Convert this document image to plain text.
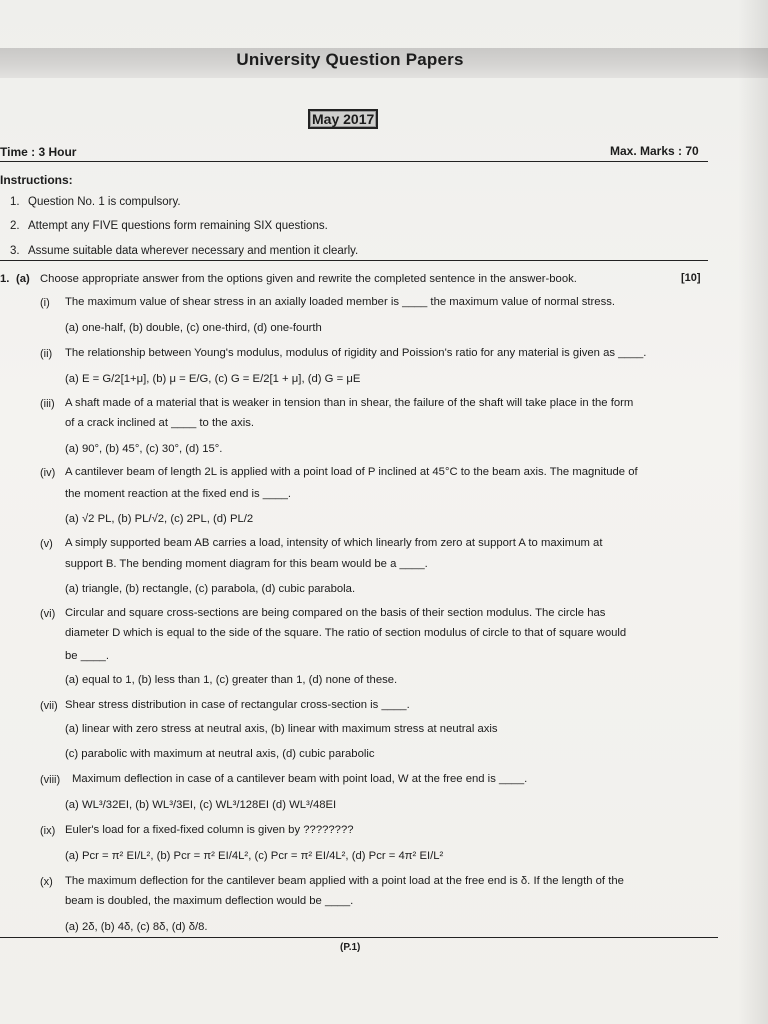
University Question Papers
May 2017
Time : 3 Hour	Max. Marks : 70
Instructions:
1. Question No. 1 is compulsory.
2. Attempt any FIVE questions form remaining SIX questions.
3. Assume suitable data wherever necessary and mention it clearly.
1. (a) Choose appropriate answer from the options given and rewrite the completed sentence in the answer-book.	[10]
(i) The maximum value of shear stress in an axially loaded member is ____ the maximum value of normal stress.
(a) one-half, (b) double, (c) one-third, (d) one-fourth
(ii) The relationship between Young's modulus, modulus of rigidity and Poission's ratio for any material is given as ____.
(a) E = G/2[1+μ], (b) μ = E/G, (c) G = E/2[1 + μ], (d) G = μE
(iii) A shaft made of a material that is weaker in tension than in shear, the failure of the shaft will take place in the form
of a crack inclined at ____ to the axis.
(a) 90°, (b) 45°, (c) 30°, (d) 15°.
(iv) A cantilever beam of length 2L is applied with a point load of P inclined at 45°C to the beam axis. The magnitude of
the moment reaction at the fixed end is ____.
(a) √2 PL, (b) PL/√2, (c) 2PL, (d) PL/2
(v) A simply supported beam AB carries a load, intensity of which linearly from zero at support A to maximum at
support B. The bending moment diagram for this beam would be a ____.
(a) triangle, (b) rectangle, (c) parabola, (d) cubic parabola.
(vi) Circular and square cross-sections are being compared on the basis of their section modulus. The circle has
diameter D which is equal to the side of the square. The ratio of section modulus of circle to that of square would
be ____.
(a) equal to 1, (b) less than 1, (c) greater than 1, (d) none of these.
(vii) Shear stress distribution in case of rectangular cross-section is ____.
(a) linear with zero stress at neutral axis, (b) linear with maximum stress at neutral axis
(c) parabolic with maximum at neutral axis, (d) cubic parabolic
(viii) Maximum deflection in case of a cantilever beam with point load, W at the free end is ____.
(a) WL³/32EI, (b) WL³/3EI, (c) WL³/128EI (d) WL³/48EI
(ix) Euler's load for a fixed-fixed column is given by ????????
(a) Pcr = π² EI/L², (b) Pcr = π² EI/4L², (c) Pcr = π² EI/4L², (d) Pcr = 4π² EI/L²
(x) The maximum deflection for the cantilever beam applied with a point load at the free end is δ. If the length of the
beam is doubled, the maximum deflection would be ____.
(a) 2δ, (b) 4δ, (c) 8δ, (d) δ/8.
(P.1)
